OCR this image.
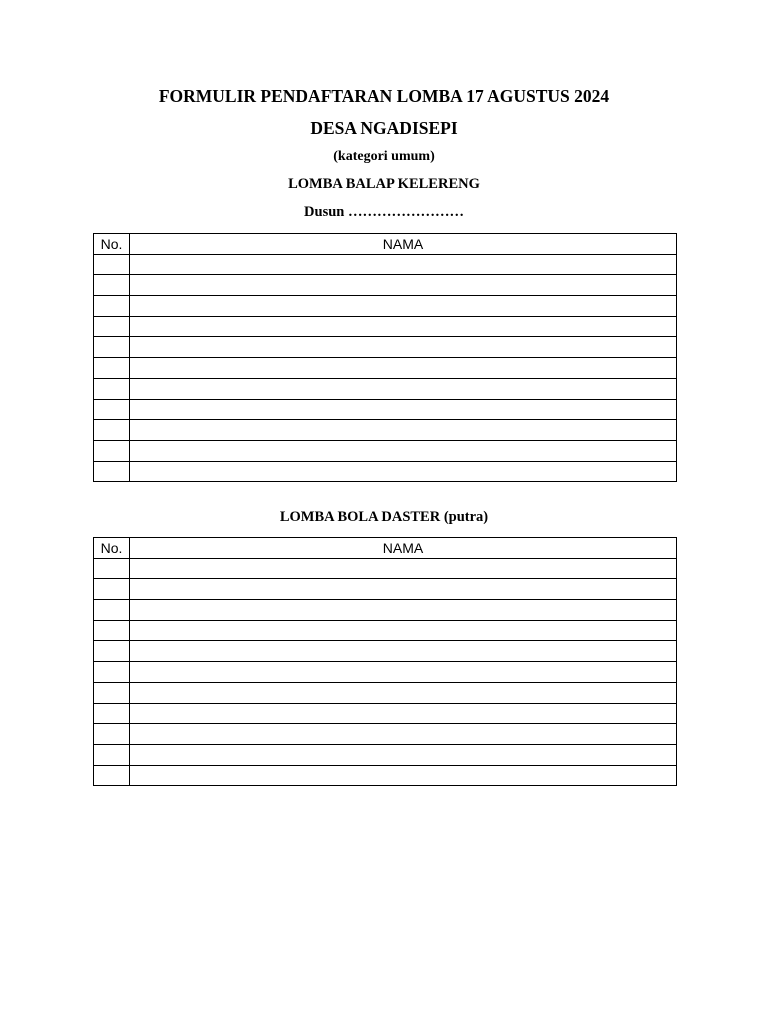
FORMULIR PENDAFTARAN LOMBA 17 AGUSTUS 2024
DESA NGADISEPI
(kategori umum)
LOMBA BALAP KELERENG
Dusun ……………………
No.	NAMA

LOMBA BOLA DASTER (putra)
No.	NAMA
